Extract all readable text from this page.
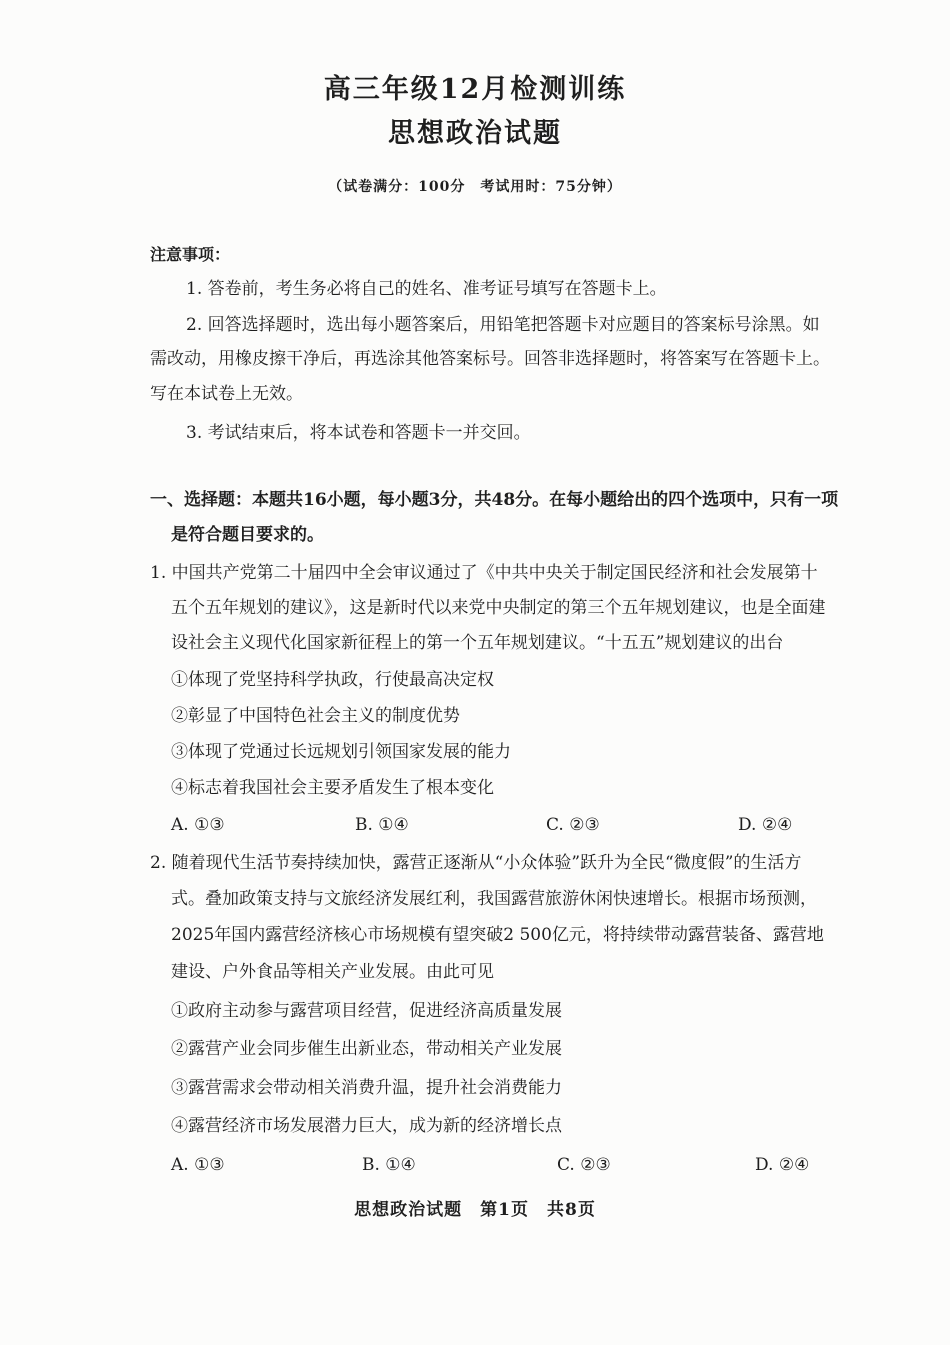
高三年级12月检测训练
思想政治试题
（试卷满分：100分　考试用时：75分钟）
注意事项：
1. 答卷前，考生务必将自己的姓名、准考证号填写在答题卡上。
2. 回答选择题时，选出每小题答案后，用铅笔把答题卡对应题目的答案标号涂黑。如
需改动，用橡皮擦干净后，再选涂其他答案标号。回答非选择题时，将答案写在答题卡上。
写在本试卷上无效。
3. 考试结束后，将本试卷和答题卡一并交回。
一、选择题：本题共16小题，每小题3分，共48分。在每小题给出的四个选项中，只有一项
是符合题目要求的。
1. 中国共产党第二十届四中全会审议通过了《中共中央关于制定国民经济和社会发展第十
五个五年规划的建议》，这是新时代以来党中央制定的第三个五年规划建议，也是全面建
设社会主义现代化国家新征程上的第一个五年规划建议。“十五五”规划建议的出台
①体现了党坚持科学执政，行使最高决定权
②彰显了中国特色社会主义的制度优势
③体现了党通过长远规划引领国家发展的能力
④标志着我国社会主要矛盾发生了根本变化
A. ①③	B. ①④	C. ②③	D. ②④
2. 随着现代生活节奏持续加快，露营正逐渐从“小众体验”跃升为全民“微度假”的生活方
式。叠加政策支持与文旅经济发展红利，我国露营旅游休闲快速增长。根据市场预测，
2025年国内露营经济核心市场规模有望突破2 500亿元，将持续带动露营装备、露营地
建设、户外食品等相关产业发展。由此可见
①政府主动参与露营项目经营，促进经济高质量发展
②露营产业会同步催生出新业态，带动相关产业发展
③露营需求会带动相关消费升温，提升社会消费能力
④露营经济市场发展潜力巨大，成为新的经济增长点
A. ①③	B. ①④	C. ②③	D. ②④
思想政治试题　第1页　共8页
